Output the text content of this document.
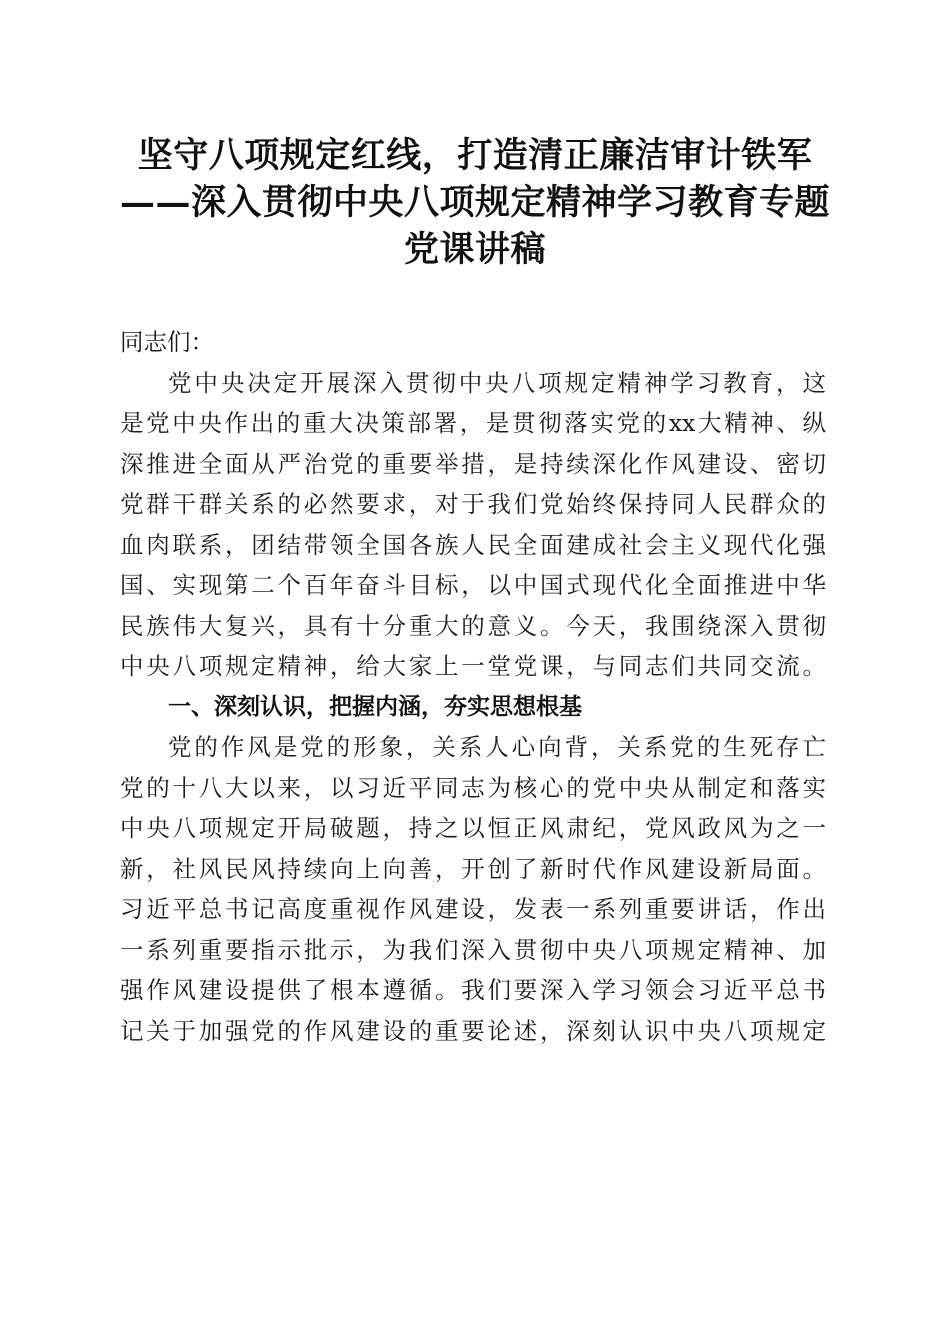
坚守八项规定红线，打造清正廉洁审计铁军
——深入贯彻中央八项规定精神学习教育专题
党课讲稿
同志们：
党中央决定开展深入贯彻中央八项规定精神学习教育，这
是党中央作出的重大决策部署，是贯彻落实党的xx大精神、纵
深推进全面从严治党的重要举措，是持续深化作风建设、密切
党群干群关系的必然要求，对于我们党始终保持同人民群众的
血肉联系，团结带领全国各族人民全面建成社会主义现代化强
国、实现第二个百年奋斗目标，以中国式现代化全面推进中华
民族伟大复兴，具有十分重大的意义。今天，我围绕深入贯彻
中央八项规定精神，给大家上一堂党课，与同志们共同交流。
一、深刻认识，把握内涵，夯实思想根基
党的作风是党的形象，关系人心向背，关系党的生死存亡
党的十八大以来，以习近平同志为核心的党中央从制定和落实
中央八项规定开局破题，持之以恒正风肃纪，党风政风为之一
新，社风民风持续向上向善，开创了新时代作风建设新局面。
习近平总书记高度重视作风建设，发表一系列重要讲话，作出
一系列重要指示批示，为我们深入贯彻中央八项规定精神、加
强作风建设提供了根本遵循。我们要深入学习领会习近平总书
记关于加强党的作风建设的重要论述，深刻认识中央八项规定
